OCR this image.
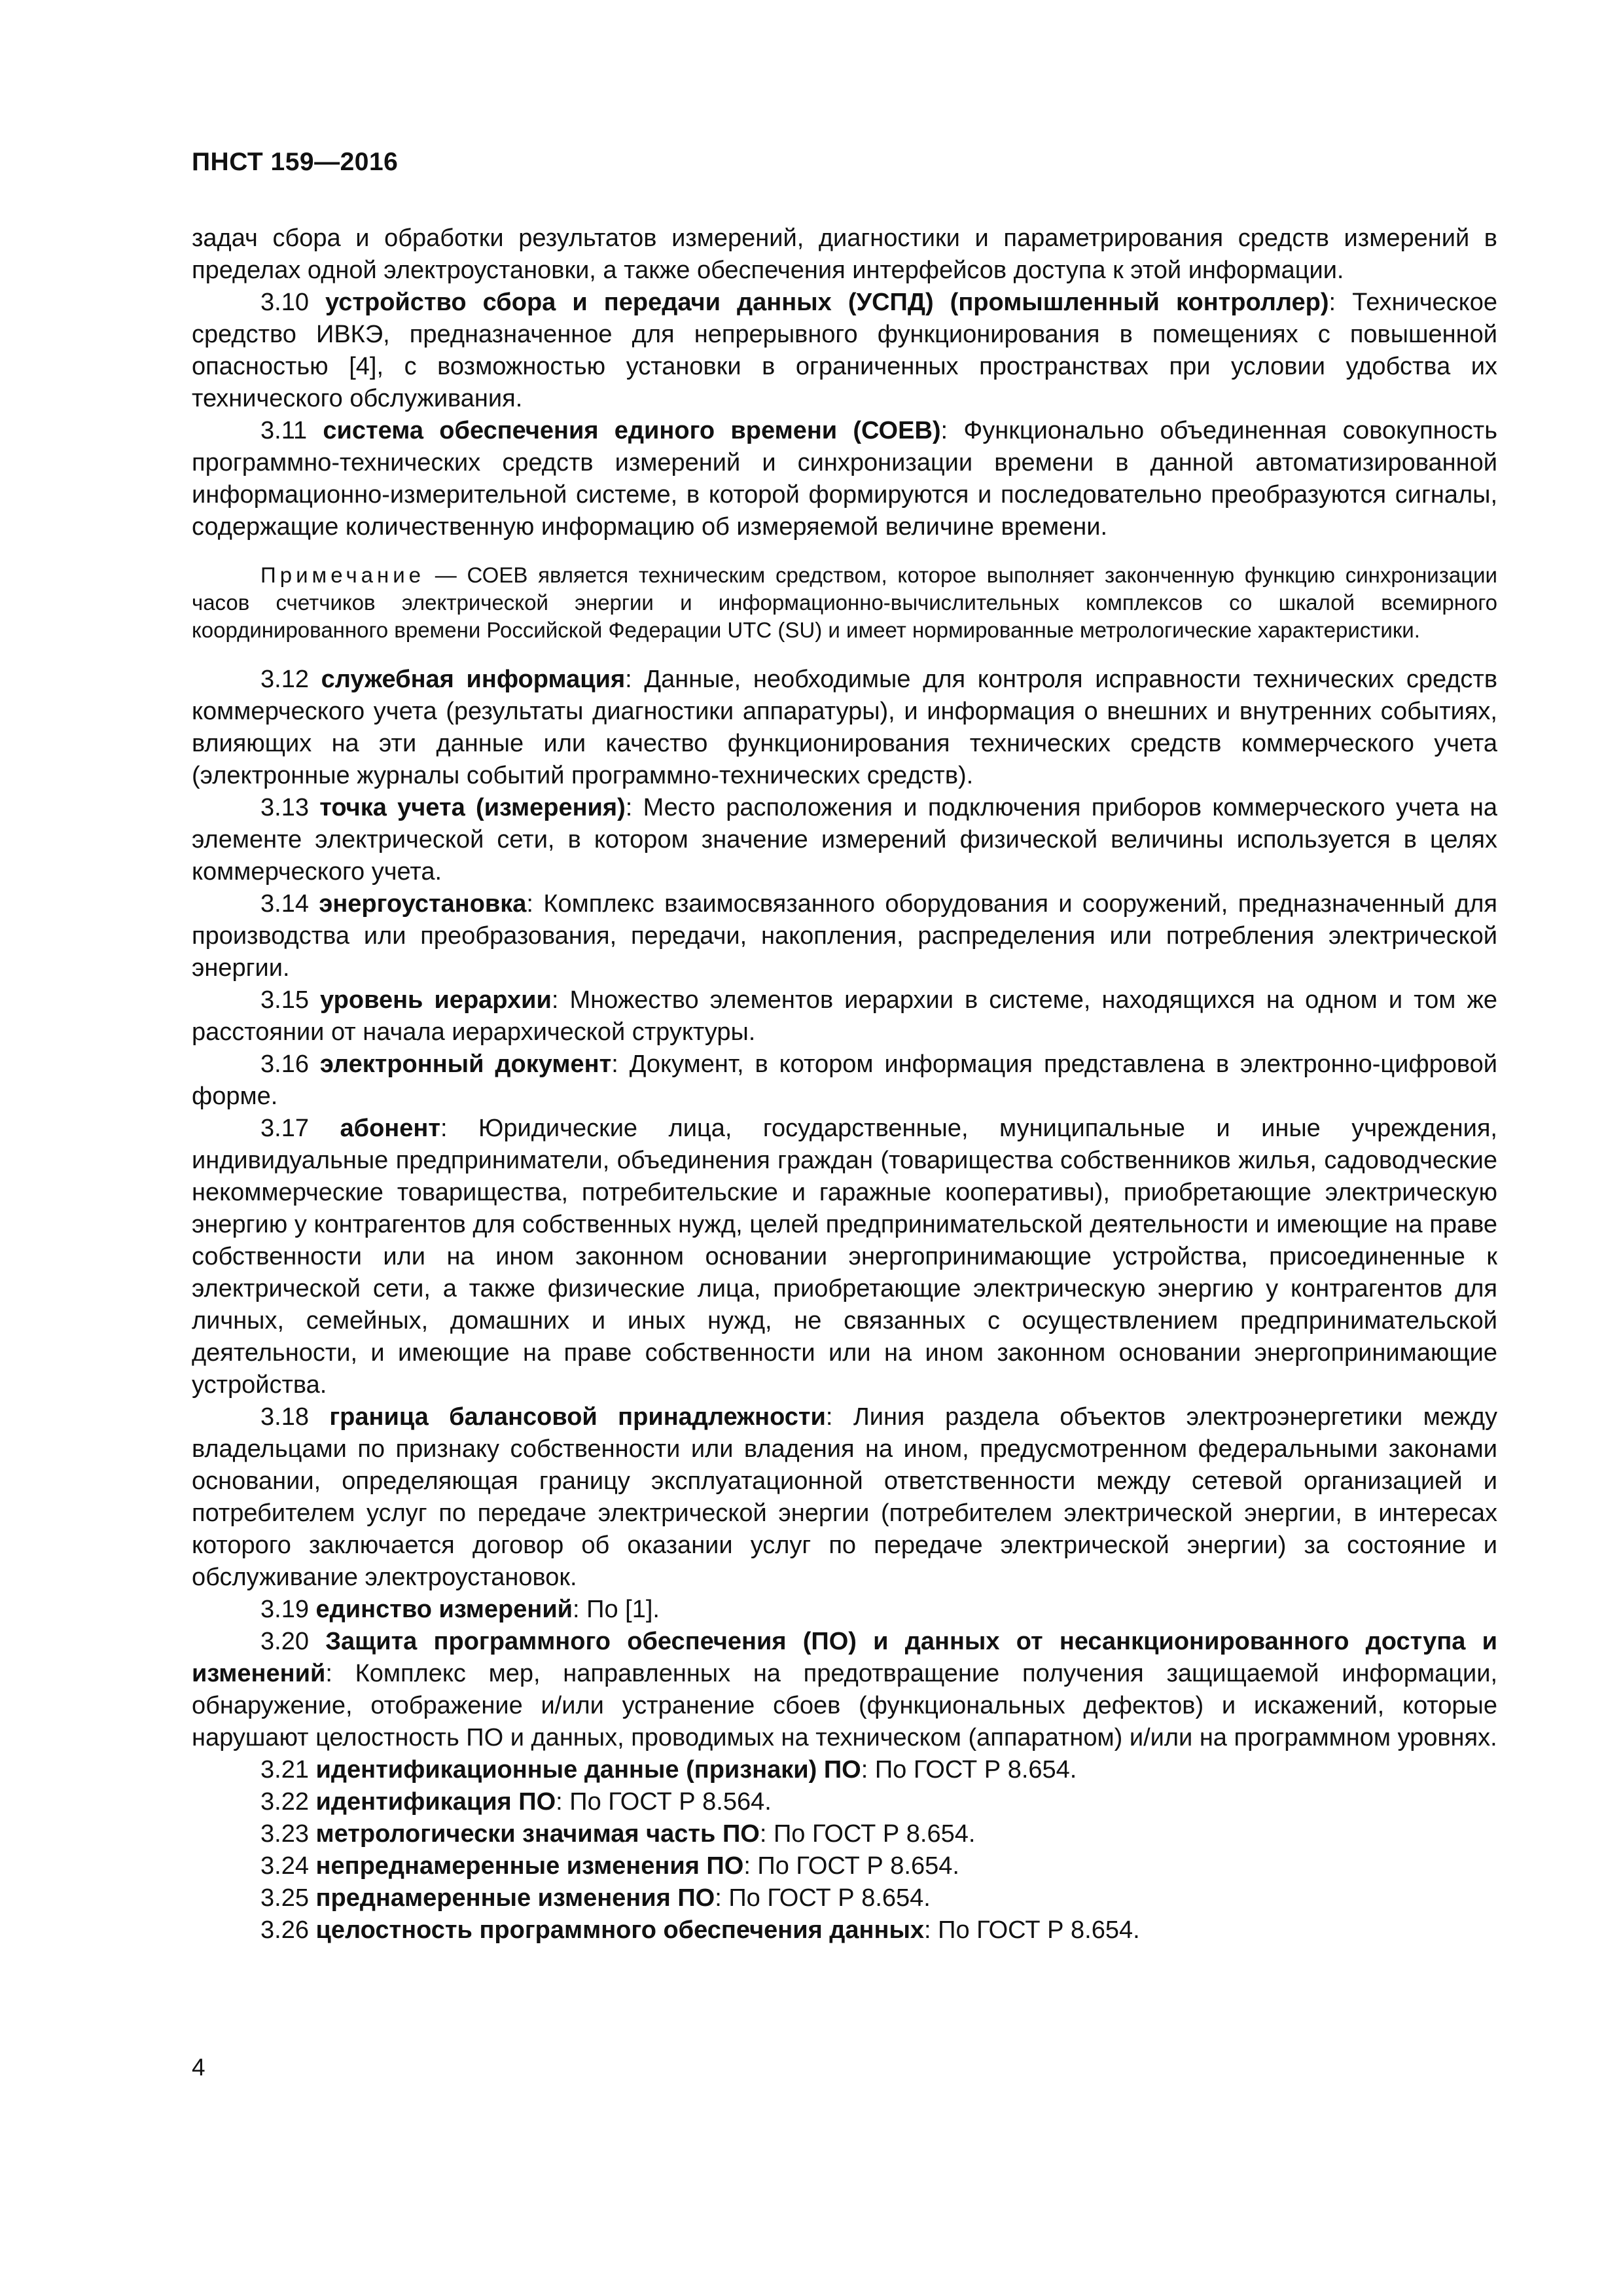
ПНСТ 159—2016

задач сбора и обработки результатов измерений, диагностики и параметрирования средств измерений в пределах одной электроустановки, а также обеспечения интерфейсов доступа к этой информации.

3.10 устройство сбора и передачи данных (УСПД) (промышленный контроллер): Техническое средство ИВКЭ, предназначенное для непрерывного функционирования в помещениях с повышенной опасностью [4], с возможностью установки в ограниченных пространствах при условии удобства их технического обслуживания.

3.11 система обеспечения единого времени (СОЕВ): Функционально объединенная совокупность программно-технических средств измерений и синхронизации времени в данной автоматизированной информационно-измерительной системе, в которой формируются и последовательно преобразуются сигналы, содержащие количественную информацию об измеряемой величине времени.

Примечание — СОЕВ является техническим средством, которое выполняет законченную функцию синхронизации часов счетчиков электрической энергии и информационно-вычислительных комплексов со шкалой всемирного координированного времени Российской Федерации UTC (SU) и имеет нормированные метрологические характеристики.

3.12 служебная информация: Данные, необходимые для контроля исправности технических средств коммерческого учета (результаты диагностики аппаратуры), и информация о внешних и внутренних событиях, влияющих на эти данные или качество функционирования технических средств коммерческого учета (электронные журналы событий программно-технических средств).

3.13 точка учета (измерения): Место расположения и подключения приборов коммерческого учета на элементе электрической сети, в котором значение измерений физической величины используется в целях коммерческого учета.

3.14 энергоустановка: Комплекс взаимосвязанного оборудования и сооружений, предназначенный для производства или преобразования, передачи, накопления, распределения или потребления электрической энергии.

3.15 уровень иерархии: Множество элементов иерархии в системе, находящихся на одном и том же расстоянии от начала иерархической структуры.

3.16 электронный документ: Документ, в котором информация представлена в электронно-цифровой форме.

3.17 абонент: Юридические лица, государственные, муниципальные и иные учреждения, индивидуальные предприниматели, объединения граждан (товарищества собственников жилья, садоводческие некоммерческие товарищества, потребительские и гаражные кооперативы), приобретающие электрическую энергию у контрагентов для собственных нужд, целей предпринимательской деятельности и имеющие на праве собственности или на ином законном основании энергопринимающие устройства, присоединенные к электрической сети, а также физические лица, приобретающие электрическую энергию у контрагентов для личных, семейных, домашних и иных нужд, не связанных с осуществлением предпринимательской деятельности, и имеющие на праве собственности или на ином законном основании энергопринимающие устройства.

3.18 граница балансовой принадлежности: Линия раздела объектов электроэнергетики между владельцами по признаку собственности или владения на ином, предусмотренном федеральными законами основании, определяющая границу эксплуатационной ответственности между сетевой организацией и потребителем услуг по передаче электрической энергии (потребителем электрической энергии, в интересах которого заключается договор об оказании услуг по передаче электрической энергии) за состояние и обслуживание электроустановок.

3.19 единство измерений: По [1].

3.20 Защита программного обеспечения (ПО) и данных от несанкционированного доступа и изменений: Комплекс мер, направленных на предотвращение получения защищаемой информации, обнаружение, отображение и/или устранение сбоев (функциональных дефектов) и искажений, которые нарушают целостность ПО и данных, проводимых на техническом (аппаратном) и/или на программном уровнях.

3.21 идентификационные данные (признаки) ПО: По ГОСТ Р 8.654.

3.22 идентификация ПО: По ГОСТ Р 8.564.

3.23 метрологически значимая часть ПО: По ГОСТ Р 8.654.

3.24 непреднамеренные изменения ПО: По ГОСТ Р 8.654.

3.25 преднамеренные изменения ПО: По ГОСТ Р 8.654.

3.26 целостность программного обеспечения данных: По ГОСТ Р 8.654.

4
